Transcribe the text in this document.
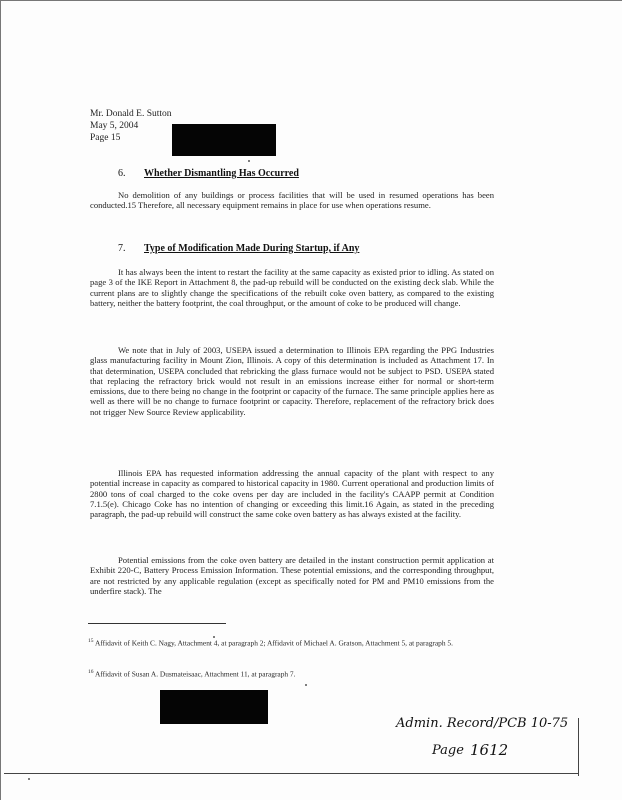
Mr. Donald E. Sutton
May 5, 2004
Page 15
6. Whether Dismantling Has Occurred

No demolition of any buildings or process facilities that will be used in resumed operations has been conducted.15 Therefore, all necessary equipment remains in place for use when operations resume.

7. Type of Modification Made During Startup, if Any

It has always been the intent to restart the facility at the same capacity as existed prior to idling. As stated on page 3 of the IKE Report in Attachment 8, the pad-up rebuild will be conducted on the existing deck slab. While the current plans are to slightly change the specifications of the rebuilt coke oven battery, as compared to the existing battery, neither the battery footprint, the coal throughput, or the amount of coke to be produced will change.

We note that in July of 2003, USEPA issued a determination to Illinois EPA regarding the PPG Industries glass manufacturing facility in Mount Zion, Illinois. A copy of this determination is included as Attachment 17. In that determination, USEPA concluded that rebricking the glass furnace would not be subject to PSD. USEPA stated that replacing the refractory brick would not result in an emissions increase either for normal or short-term emissions, due to there being no change in the footprint or capacity of the furnace. The same principle applies here as well as there will be no change to furnace footprint or capacity. Therefore, replacement of the refractory brick does not trigger New Source Review applicability.

Illinois EPA has requested information addressing the annual capacity of the plant with respect to any potential increase in capacity as compared to historical capacity in 1980. Current operational and production limits of 2800 tons of coal charged to the coke ovens per day are included in the facility's CAAPP permit at Condition 7.1.5(e). Chicago Coke has no intention of changing or exceeding this limit.16 Again, as stated in the preceding paragraph, the pad-up rebuild will construct the same coke oven battery as has always existed at the facility.

Potential emissions from the coke oven battery are detailed in the instant construction permit application at Exhibit 220-C, Battery Process Emission Information. These potential emissions, and the corresponding throughput, are not restricted by any applicable regulation (except as specifically noted for PM and PM10 emissions from the underfire stack). The

$^{15}$ Affidavit of Keith C. Nagy, Attachment 4, at paragraph 2; Affidavit of Michael A. Gratson, Attachment 5, at paragraph 5.
$^{16}$ Affidavit of Susan A. Dusmateisaac, Attachment 11, at paragraph 7.
Admin. Record/PCB 10-75
Page 1612
